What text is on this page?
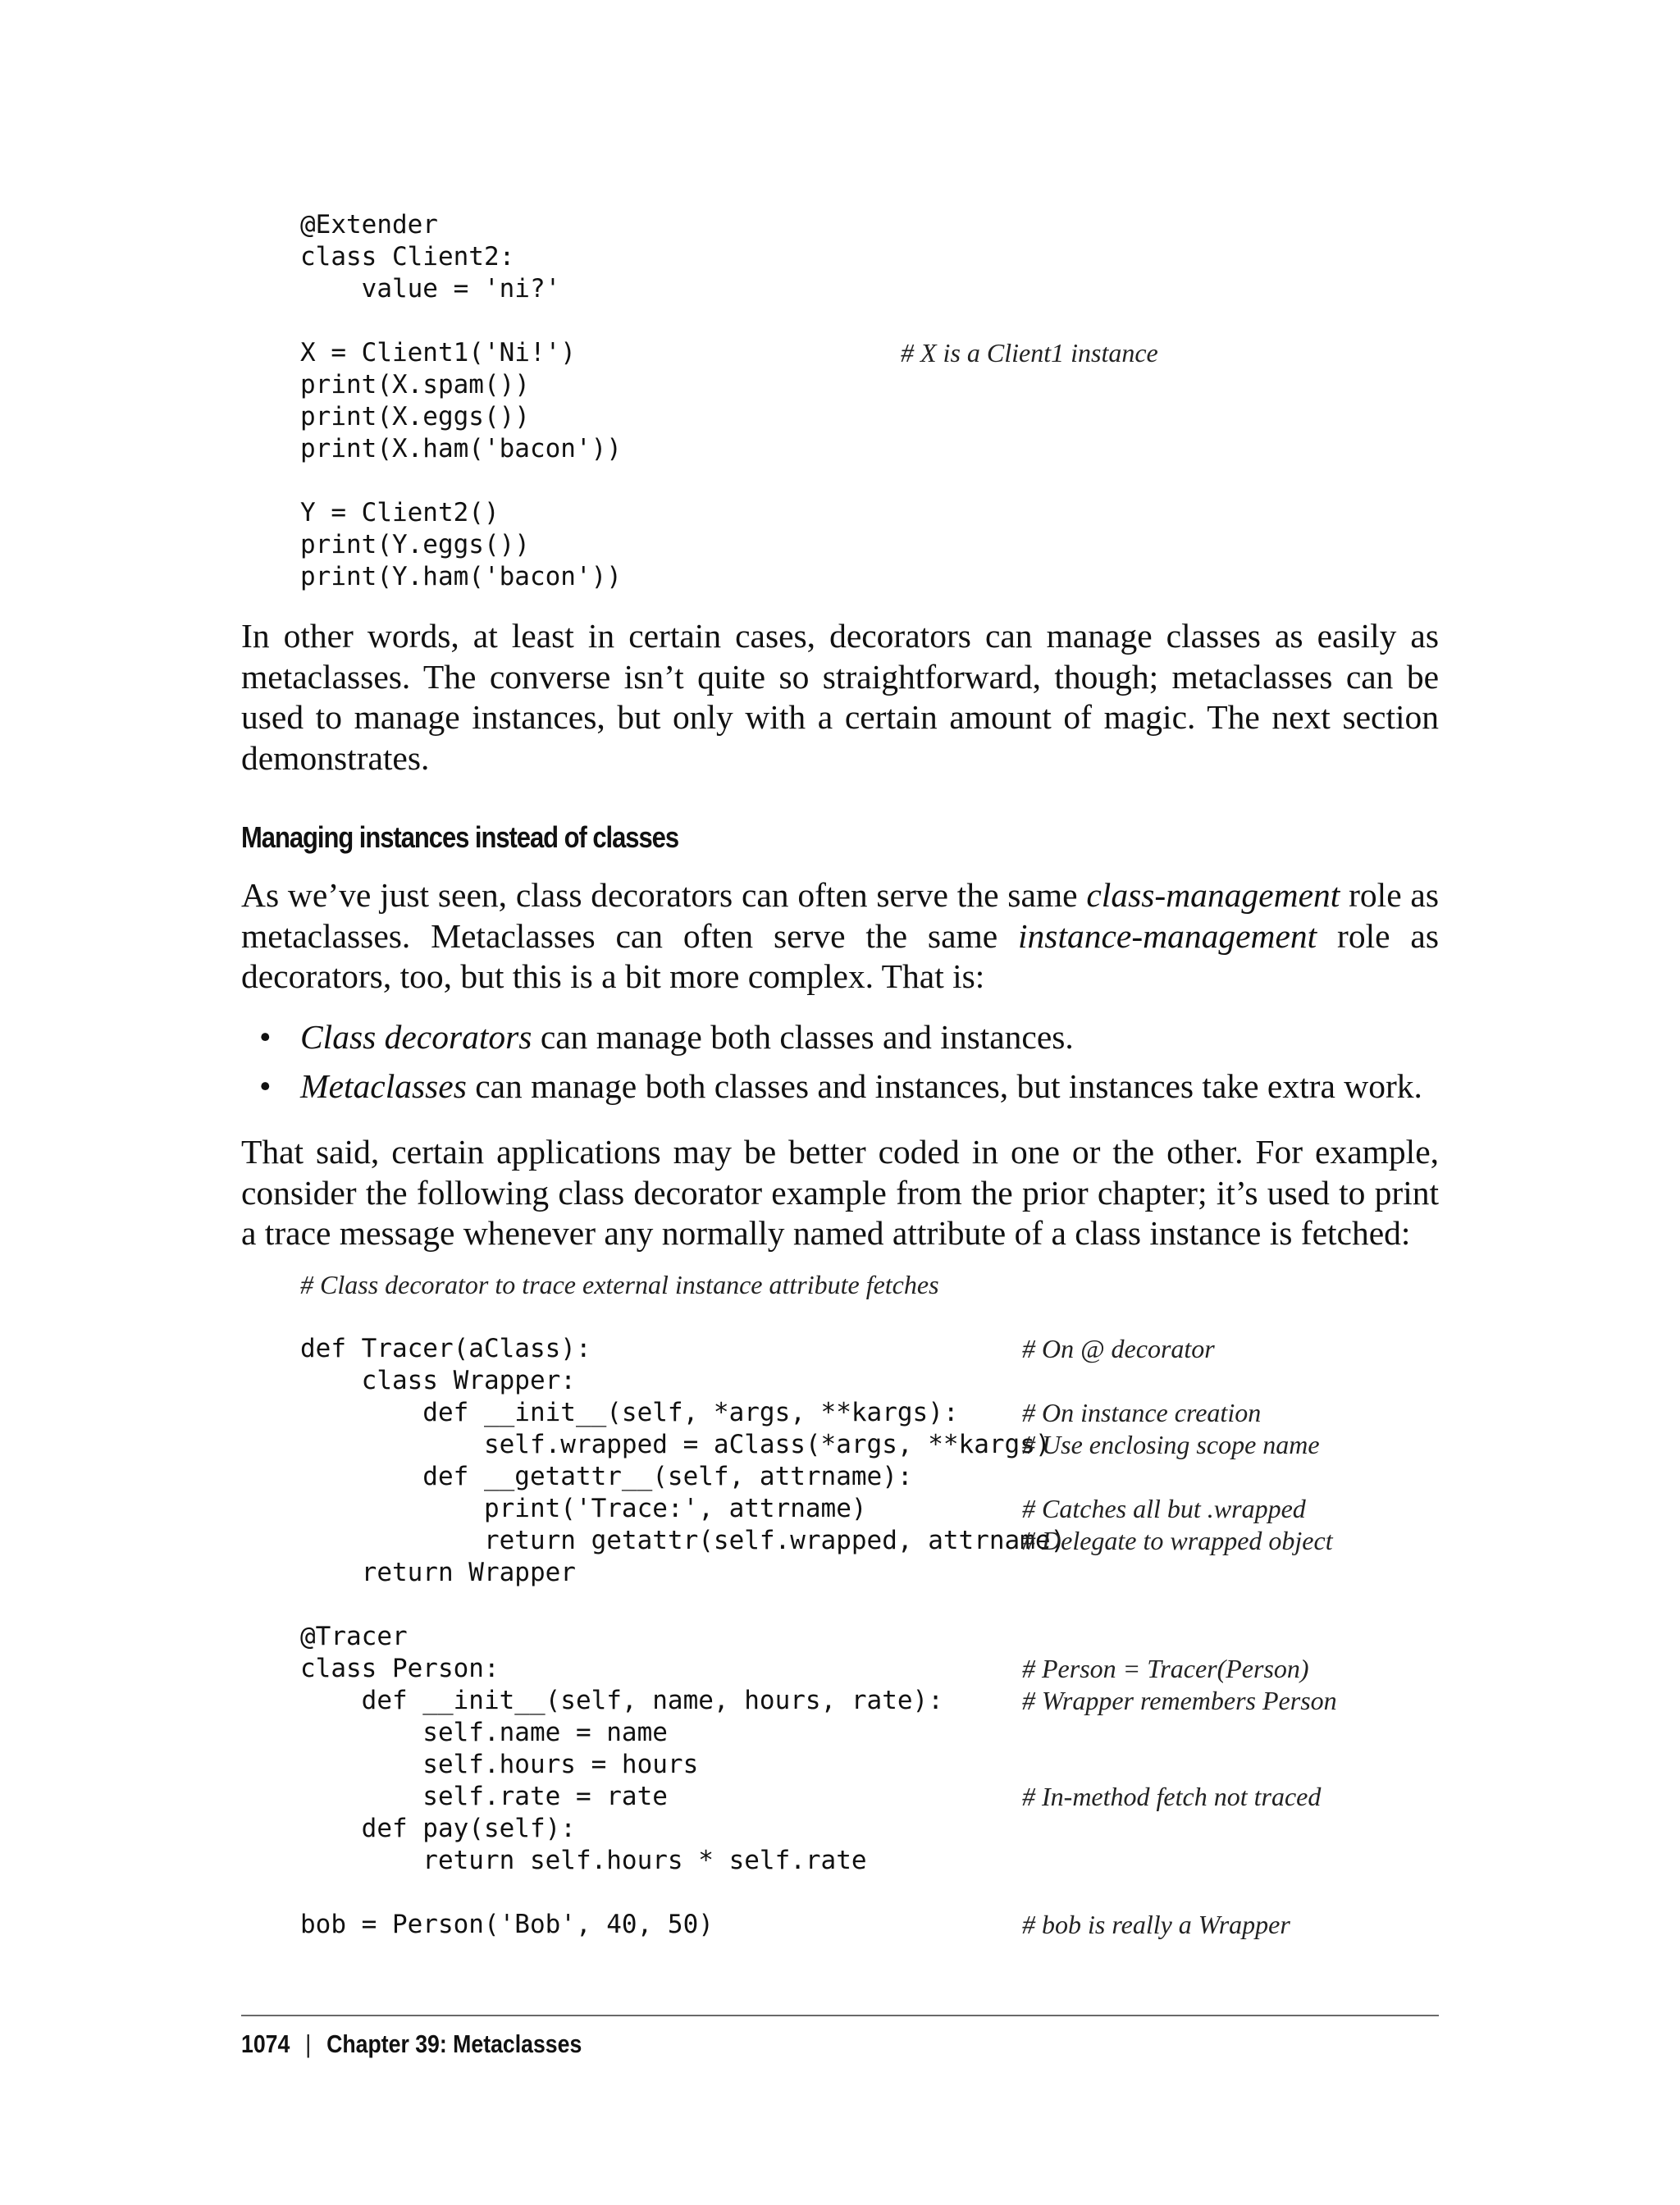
@Extender
class Client2:
value = 'ni?'
X = Client1('Ni!')	# X is a Client1 instance
print(X.spam())
print(X.eggs())
print(X.ham('bacon'))
Y = Client2()
print(Y.eggs())
print(Y.ham('bacon'))

In other words, at least in certain cases, decorators can manage classes as easily as metaclasses. The converse isn’t quite so straightforward, though; metaclasses can be used to manage instances, but only with a certain amount of magic. The next section demonstrates.

Managing instances instead of classes

As we’ve just seen, class decorators can often serve the same class-management role as metaclasses. Metaclasses can often serve the same instance-management role as decorators, too, but this is a bit more complex. That is:

• Class decorators can manage both classes and instances.
• Metaclasses can manage both classes and instances, but instances take extra work.

That said, certain applications may be better coded in one or the other. For example, consider the following class decorator example from the prior chapter; it’s used to print a trace message whenever any normally named attribute of a class instance is fetched:

# Class decorator to trace external instance attribute fetches
def Tracer(aClass):	# On @ decorator
class Wrapper:
def __init__(self, *args, **kargs): # On instance creation
self.wrapped = aClass(*args, **kargs)
# Use enclosing scope name
def __getattr__(self, attrname):
print('Trace:', attrname)	# Catches all but .wrapped
return getattr(self.wrapped, attrname)
# Delegate to wrapped object
return Wrapper
@Tracer
class Person:	# Person = Tracer(Person)
def __init__(self, name, hours, rate):	# Wrapper remembers Person
self.name = name
self.hours = hours
self.rate = rate	# In-method fetch not traced
def pay(self):
return self.hours * self.rate
bob = Person('Bob', 40, 50)	# bob is really a Wrapper
1074 | Chapter 39: Metaclasses
